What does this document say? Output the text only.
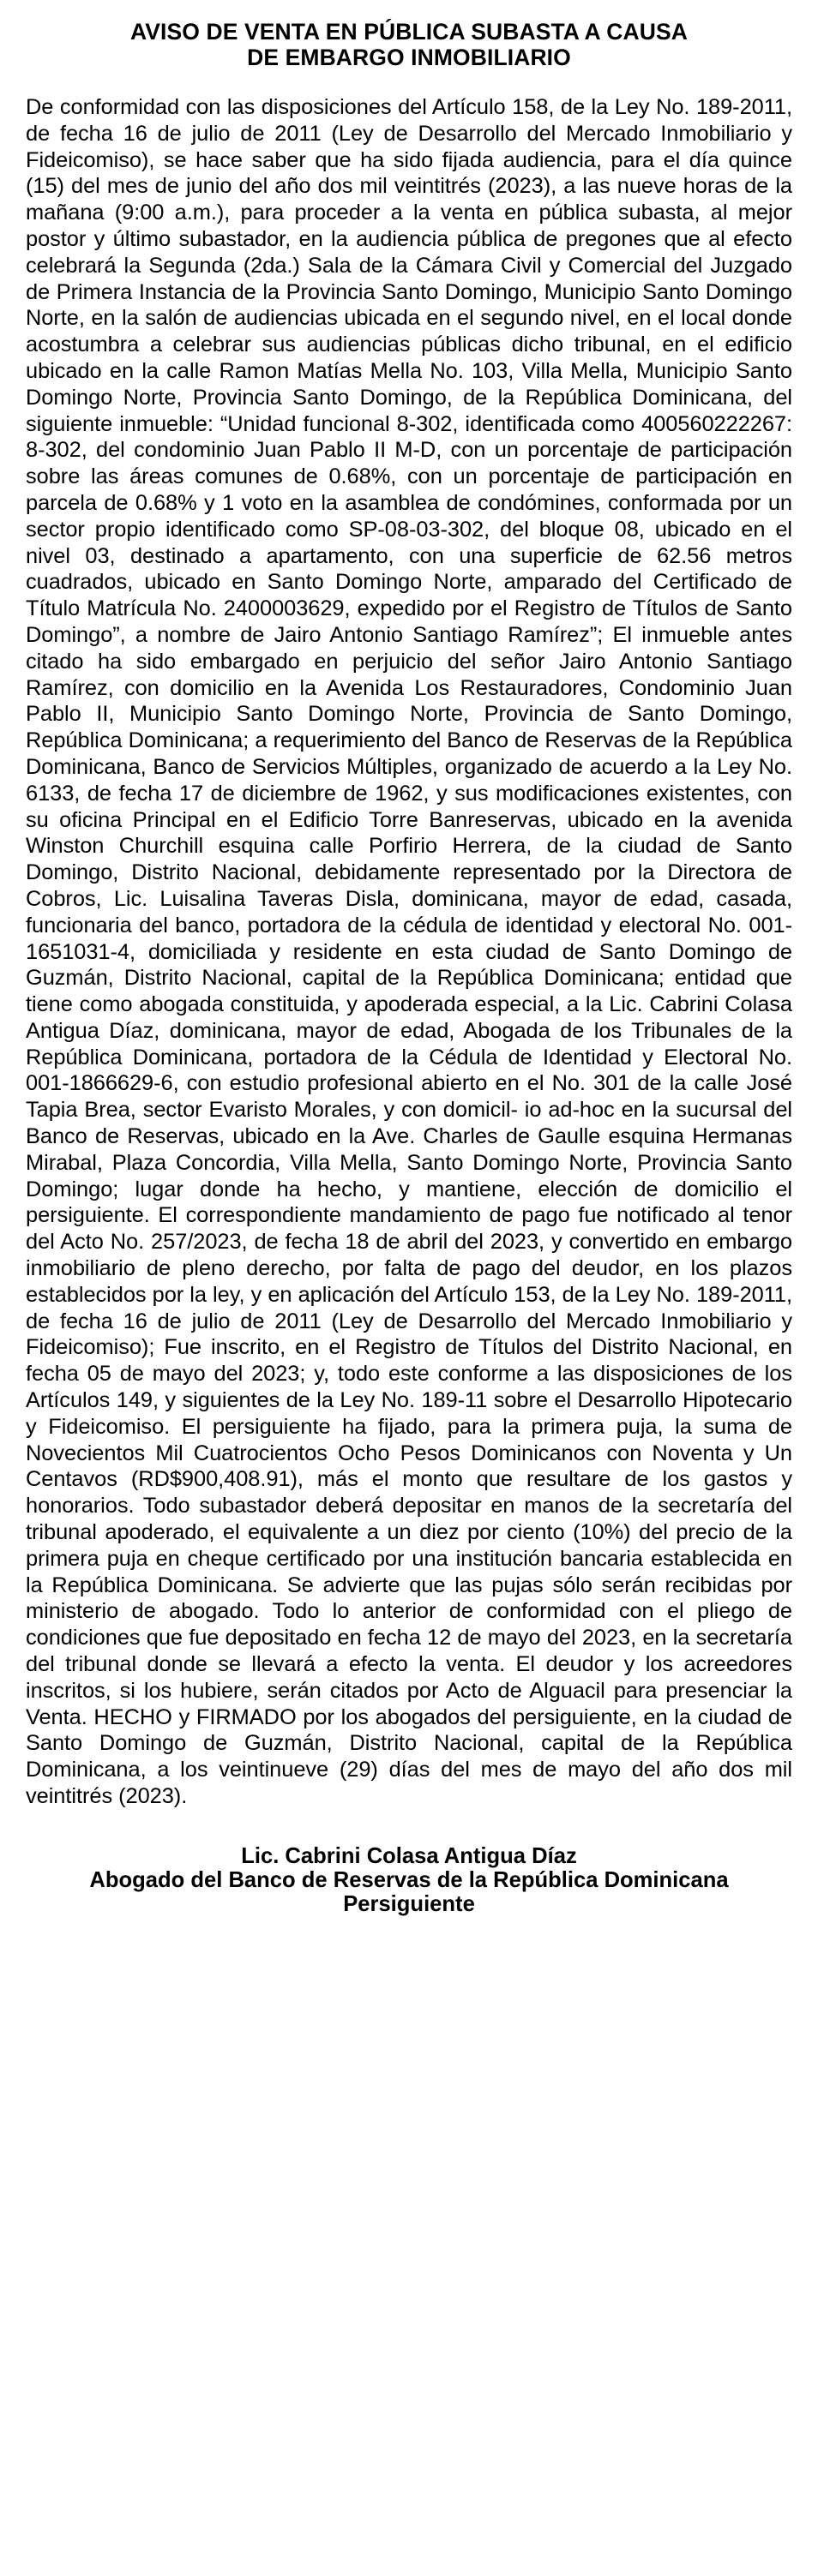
AVISO DE VENTA EN PÚBLICA SUBASTA A CAUSA
DE EMBARGO INMOBILIARIO

De conformidad con las disposiciones del Artículo 158, de la Ley No. 189-2011, de fecha 16 de julio de 2011 (Ley de Desarrollo del Mercado Inmobiliario y Fideicomiso), se hace saber que ha sido fijada audiencia, para el día quince (15) del mes de junio del año dos mil veintitrés (2023), a las nueve horas de la mañana (9:00 a.m.), para proceder a la venta en pública subasta, al mejor postor y último subastador, en la audiencia pública de pregones que al efecto celebrará la Segunda (2da.) Sala de la Cámara Civil y Comercial del Juzgado de Primera Instancia de la Provincia Santo Domingo, Municipio Santo Domingo Norte, en la salón de audiencias ubicada en el segundo nivel, en el local donde acostumbra a celebrar sus audiencias públicas dicho tribunal, en el edificio ubicado en la calle Ramon Matías Mella No. 103, Villa Mella, Municipio Santo Domingo Norte, Provincia Santo Domingo, de la República Dominicana, del siguiente inmueble: “Unidad funcional 8-302, identificada como 400560222267: 8-302, del condominio Juan Pablo II M-D, con un porcentaje de participación sobre las áreas comunes de 0.68%, con un porcentaje de participación en parcela de 0.68% y 1 voto en la asamblea de condómines, conformada por un sector propio identificado como SP-08-03-302, del bloque 08, ubicado en el nivel 03, destinado a apartamento, con una superficie de 62.56 metros cuadrados, ubicado en Santo Domingo Norte, amparado del Certificado de Título Matrícula No. 2400003629, expedido por el Registro de Títulos de Santo Domingo”, a nombre de Jairo Antonio Santiago Ramírez”; El inmueble antes citado ha sido embargado en perjuicio del señor Jairo Antonio Santiago Ramírez, con domicilio en la Avenida Los Restauradores, Condominio Juan Pablo II, Municipio Santo Domingo Norte, Provincia de Santo Domingo, República Dominicana; a requerimiento del Banco de Reservas de la República Dominicana, Banco de Servicios Múltiples, organizado de acuerdo a la Ley No. 6133, de fecha 17 de diciembre de 1962, y sus modificaciones existentes, con su oficina Principal en el Edificio Torre Banreservas, ubicado en la avenida Winston Churchill esquina calle Porfirio Herrera, de la ciudad de Santo Domingo, Distrito Nacional, debidamente representado por la Directora de Cobros, Lic. Luisalina Taveras Disla, dominicana, mayor de edad, casada, funcionaria del banco, portadora de la cédula de identidad y electoral No. 001-1651031-4, domiciliada y residente en esta ciudad de Santo Domingo de Guzmán, Distrito Nacional, capital de la República Dominicana; entidad que tiene como abogada constituida, y apoderada especial, a la Lic. Cabrini Colasa Antigua Díaz, dominicana, mayor de edad, Abogada de los Tribunales de la República Dominicana, portadora de la Cédula de Identidad y Electoral No. 001-1866629-6, con estudio profesional abierto en el No. 301 de la calle José Tapia Brea, sector Evaristo Morales, y con domicil- io ad-hoc en la sucursal del Banco de Reservas, ubicado en la Ave. Charles de Gaulle esquina Hermanas Mirabal, Plaza Concordia, Villa Mella, Santo Domingo Norte, Provincia Santo Domingo; lugar donde ha hecho, y mantiene, elección de domicilio el persiguiente. El correspondiente mandamiento de pago fue notificado al tenor del Acto No. 257/2023, de fecha 18 de abril del 2023, y convertido en embargo inmobiliario de pleno derecho, por falta de pago del deudor, en los plazos establecidos por la ley, y en aplicación del Artículo 153, de la Ley No. 189-2011, de fecha 16 de julio de 2011 (Ley de Desarrollo del Mercado Inmobiliario y Fideicomiso); Fue inscrito, en el Registro de Títulos del Distrito Nacional, en fecha 05 de mayo del 2023; y, todo este conforme a las disposiciones de los Artículos 149, y siguientes de la Ley No. 189-11 sobre el Desarrollo Hipotecario y Fideicomiso. El persiguiente ha fijado, para la primera puja, la suma de Novecientos Mil Cuatrocientos Ocho Pesos Dominicanos con Noventa y Un Centavos (RD$900,408.91), más el monto que resultare de los gastos y honorarios. Todo subastador deberá depositar en manos de la secretaría del tribunal apoderado, el equivalente a un diez por ciento (10%) del precio de la primera puja en cheque certificado por una institución bancaria establecida en la República Dominicana. Se advierte que las pujas sólo serán recibidas por ministerio de abogado. Todo lo anterior de conformidad con el pliego de condiciones que fue depositado en fecha 12 de mayo del 2023, en la secretaría del tribunal donde se llevará a efecto la venta. El deudor y los acreedores inscritos, si los hubiere, serán citados por Acto de Alguacil para presenciar la Venta. HECHO y FIRMADO por los abogados del persiguiente, en la ciudad de Santo Domingo de Guzmán, Distrito Nacional, capital de la República Dominicana, a los veintinueve (29) días del mes de mayo del año dos mil veintitrés (2023).

Lic. Cabrini Colasa Antigua Díaz
Abogado del Banco de Reservas de la República Dominicana
Persiguiente
